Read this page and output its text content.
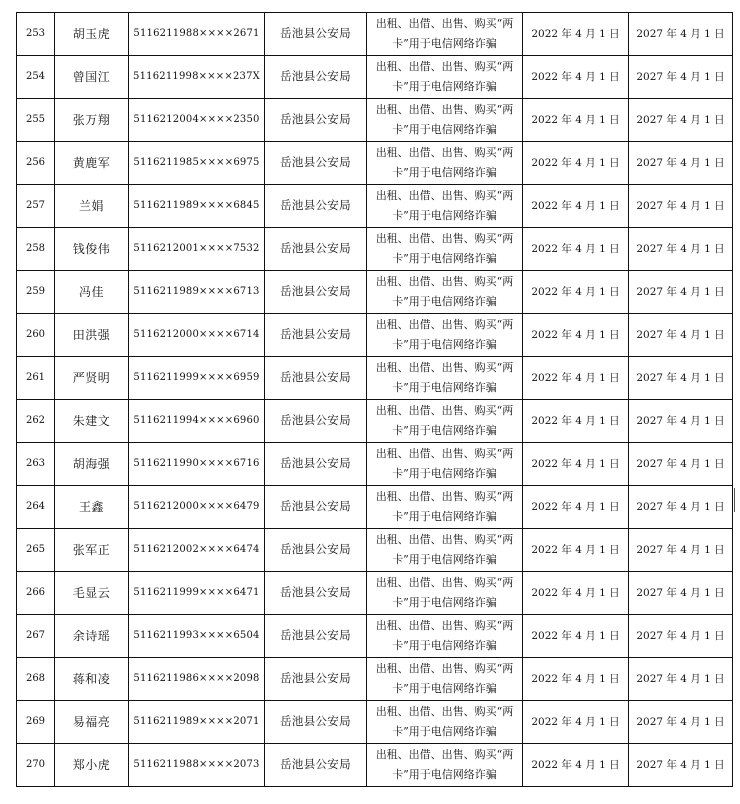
253	胡玉虎	5116211988××××2671	岳池县公安局	出租、出借、出售、购买“两
卡”用于电信网络诈骗	2022 年 4 月 1 日	2027 年 4 月 1 日
254	曾国江	5116211998××××237X	岳池县公安局	出租、出借、出售、购买“两
卡”用于电信网络诈骗	2022 年 4 月 1 日	2027 年 4 月 1 日
255	张万翔	5116212004××××2350	岳池县公安局	出租、出借、出售、购买“两
卡”用于电信网络诈骗	2022 年 4 月 1 日	2027 年 4 月 1 日
256	黄鹿军	5116211985××××6975	岳池县公安局	出租、出借、出售、购买“两
卡”用于电信网络诈骗	2022 年 4 月 1 日	2027 年 4 月 1 日
257	兰娟	5116211989××××6845	岳池县公安局	出租、出借、出售、购买“两
卡”用于电信网络诈骗	2022 年 4 月 1 日	2027 年 4 月 1 日
258	钱俊伟	5116212001××××7532	岳池县公安局	出租、出借、出售、购买“两
卡”用于电信网络诈骗	2022 年 4 月 1 日	2027 年 4 月 1 日
259	冯佳	5116211989××××6713	岳池县公安局	出租、出借、出售、购买“两
卡”用于电信网络诈骗	2022 年 4 月 1 日	2027 年 4 月 1 日
260	田洪强	5116212000××××6714	岳池县公安局	出租、出借、出售、购买“两
卡”用于电信网络诈骗	2022 年 4 月 1 日	2027 年 4 月 1 日
261	严贤明	5116211999××××6959	岳池县公安局	出租、出借、出售、购买“两
卡”用于电信网络诈骗	2022 年 4 月 1 日	2027 年 4 月 1 日
262	朱建文	5116211994××××6960	岳池县公安局	出租、出借、出售、购买“两
卡”用于电信网络诈骗	2022 年 4 月 1 日	2027 年 4 月 1 日
263	胡海强	5116211990××××6716	岳池县公安局	出租、出借、出售、购买“两
卡”用于电信网络诈骗	2022 年 4 月 1 日	2027 年 4 月 1 日
264	王鑫	5116212000××××6479	岳池县公安局	出租、出借、出售、购买“两
卡”用于电信网络诈骗	2022 年 4 月 1 日	2027 年 4 月 1 日
265	张军正	5116212002××××6474	岳池县公安局	出租、出借、出售、购买“两
卡”用于电信网络诈骗	2022 年 4 月 1 日	2027 年 4 月 1 日
266	毛显云	5116211999××××6471	岳池县公安局	出租、出借、出售、购买“两
卡”用于电信网络诈骗	2022 年 4 月 1 日	2027 年 4 月 1 日
267	余诗瑶	5116211993××××6504	岳池县公安局	出租、出借、出售、购买“两
卡”用于电信网络诈骗	2022 年 4 月 1 日	2027 年 4 月 1 日
268	蒋和凌	5116211986××××2098	岳池县公安局	出租、出借、出售、购买“两
卡”用于电信网络诈骗	2022 年 4 月 1 日	2027 年 4 月 1 日
269	易福亮	5116211989××××2071	岳池县公安局	出租、出借、出售、购买“两
卡”用于电信网络诈骗	2022 年 4 月 1 日	2027 年 4 月 1 日
270	郑小虎	5116211988××××2073	岳池县公安局	出租、出借、出售、购买“两
卡”用于电信网络诈骗	2022 年 4 月 1 日	2027 年 4 月 1 日
